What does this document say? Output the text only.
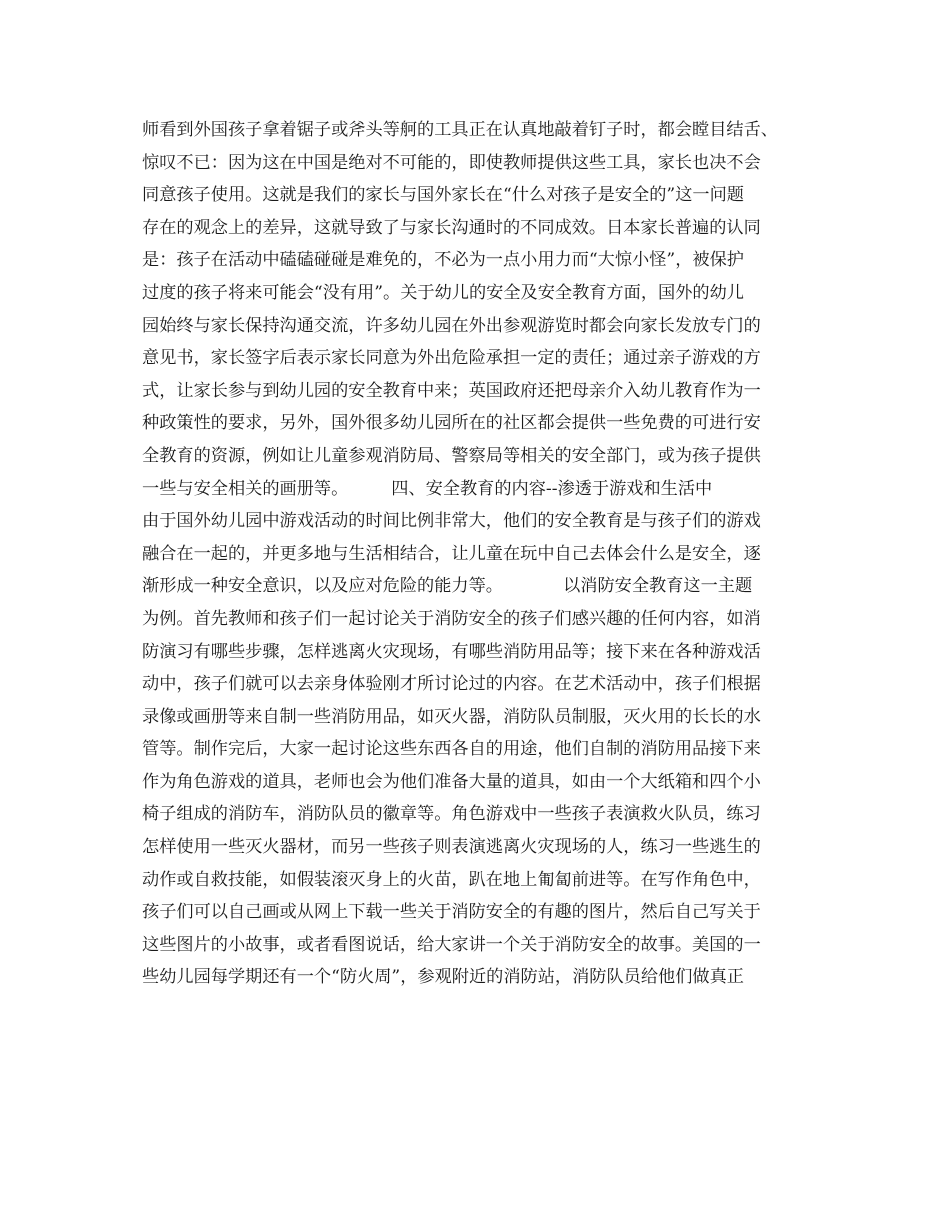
师看到外国孩子拿着锯子或斧头等舸的工具正在认真地敲着钉子时，都会瞠目结舌、
惊叹不已：因为这在中国是绝对不可能的，即使教师提供这些工具，家长也决不会
同意孩子使用。这就是我们的家长与国外家长在“什么对孩子是安全的”这一问题
存在的观念上的差异，这就导致了与家长沟通时的不同成效。日本家长普遍的认同
是：孩子在活动中磕磕碰碰是难免的，不必为一点小用力而“大惊小怪”，被保护
过度的孩子将来可能会“没有用”。关于幼儿的安全及安全教育方面，国外的幼儿
园始终与家长保持沟通交流，许多幼儿园在外出参观游览时都会向家长发放专门的
意见书，家长签字后表示家长同意为外出危险承担一定的责任；通过亲子游戏的方
式，让家长参与到幼儿园的安全教育中来；英国政府还把母亲介入幼儿教育作为一
种政策性的要求，另外，国外很多幼儿园所在的社区都会提供一些免费的可进行安
全教育的资源，例如让儿童参观消防局、警察局等相关的安全部门，或为孩子提供
一些与安全相关的画册等。　　　四、安全教育的内容--渗透于游戏和生活中
由于国外幼儿园中游戏活动的时间比例非常大，他们的安全教育是与孩子们的游戏
融合在一起的，并更多地与生活相结合，让儿童在玩中自己去体会什么是安全，逐
渐形成一种安全意识，以及应对危险的能力等。　　　　以消防安全教育这一主题
为例。首先教师和孩子们一起讨论关于消防安全的孩子们感兴趣的任何内容，如消
防演习有哪些步骤，怎样逃离火灾现场，有哪些消防用品等；接下来在各种游戏活
动中，孩子们就可以去亲身体验刚才所讨论过的内容。在艺术活动中，孩子们根据
录像或画册等来自制一些消防用品，如灭火器，消防队员制服，灭火用的长长的水
管等。制作完后，大家一起讨论这些东西各自的用途，他们自制的消防用品接下来
作为角色游戏的道具，老师也会为他们准备大量的道具，如由一个大纸箱和四个小
椅子组成的消防车，消防队员的徽章等。角色游戏中一些孩子表演救火队员，练习
怎样使用一些灭火器材，而另一些孩子则表演逃离火灾现场的人，练习一些逃生的
动作或自救技能，如假装滚灭身上的火苗，趴在地上匍匐前进等。在写作角色中，
孩子们可以自己画或从网上下载一些关于消防安全的有趣的图片，然后自己写关于
这些图片的小故事，或者看图说话，给大家讲一个关于消防安全的故事。美国的一
些幼儿园每学期还有一个“防火周”，参观附近的消防站，消防队员给他们做真正
